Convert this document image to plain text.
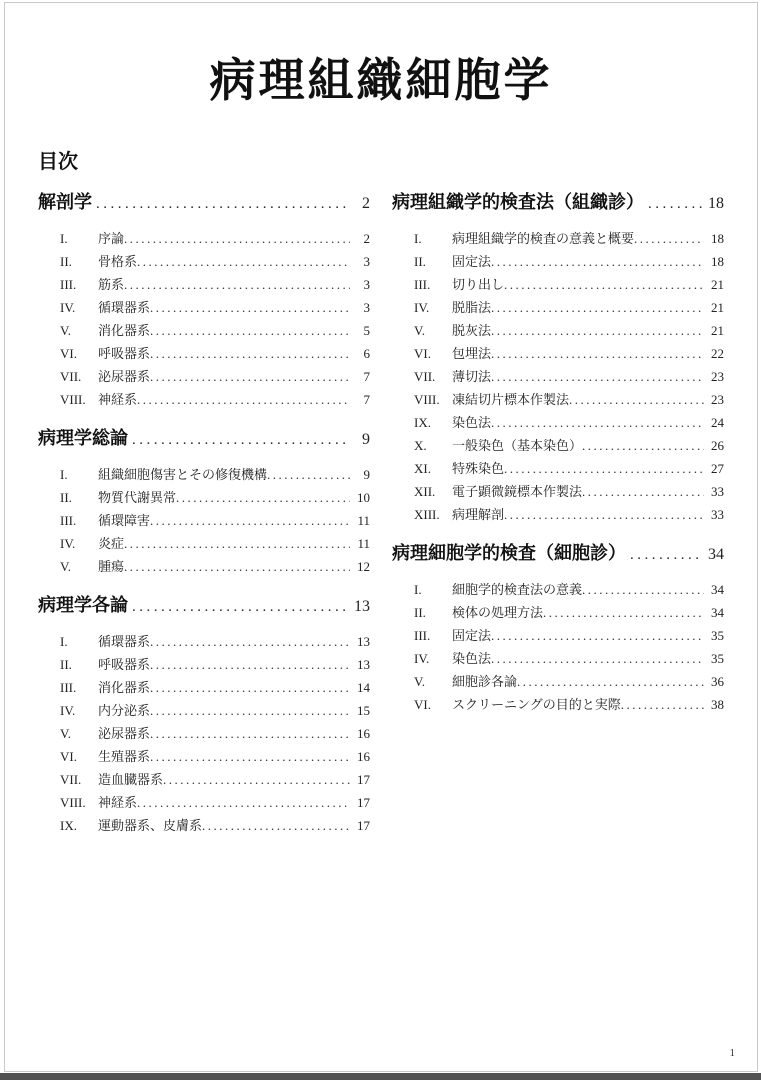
病理組織細胞学
目次
解剖学 .....	2
I.	序論 .....	2
II.	骨格系 .....	3
III.	筋系 .....	3
IV.	循環器系 .....	3
V.	消化器系 .....	5
VI.	呼吸器系 .....	6
VII.	泌尿器系 .....	7
VIII. 神経系 .....	7
病理学総論 .....	9
I.	組織細胞傷害とその修復機構 .....	9
II.	物質代謝異常 .....	10
III.	循環障害 .....	11
IV.	炎症 .....	11
V.	腫瘍 .....	12
病理学各論 .....	13
I.	循環器系 .....	13
II.	呼吸器系 .....	13
III.	消化器系 .....	14
IV.	内分泌系 .....	15
V.	泌尿器系 .....	16
VI.	生殖器系 .....	16
VII.	造血臓器系 .....	17
VIII. 神経系 .....	17
IX.	運動器系、皮膚系 .....	17
病理組織学的検査法（組織診） .....	18
I.	病理組織学的検査の意義と概要 .....	18
II.	固定法 .....	18
III.	切り出し .....	21
IV.	脱脂法 .....	21
V.	脱灰法 .....	21
VI.	包埋法 .....	22
VII.	薄切法 .....	23
VIII. 凍結切片標本作製法 .....	23
IX.	染色法 .....	24
X.	一般染色（基本染色） .....	26
XI.	特殊染色 .....	27
XII.	電子顕微鏡標本作製法 .....	33
XIII. 病理解剖 .....	33
病理細胞学的検査（細胞診） .....	34
I.	細胞学的検査法の意義 .....	34
II.	検体の処理方法 .....	34
III.	固定法 .....	35
IV.	染色法 .....	35
V.	細胞診各論 .....	36
VI.	スクリーニングの目的と実際 .....	38
1
